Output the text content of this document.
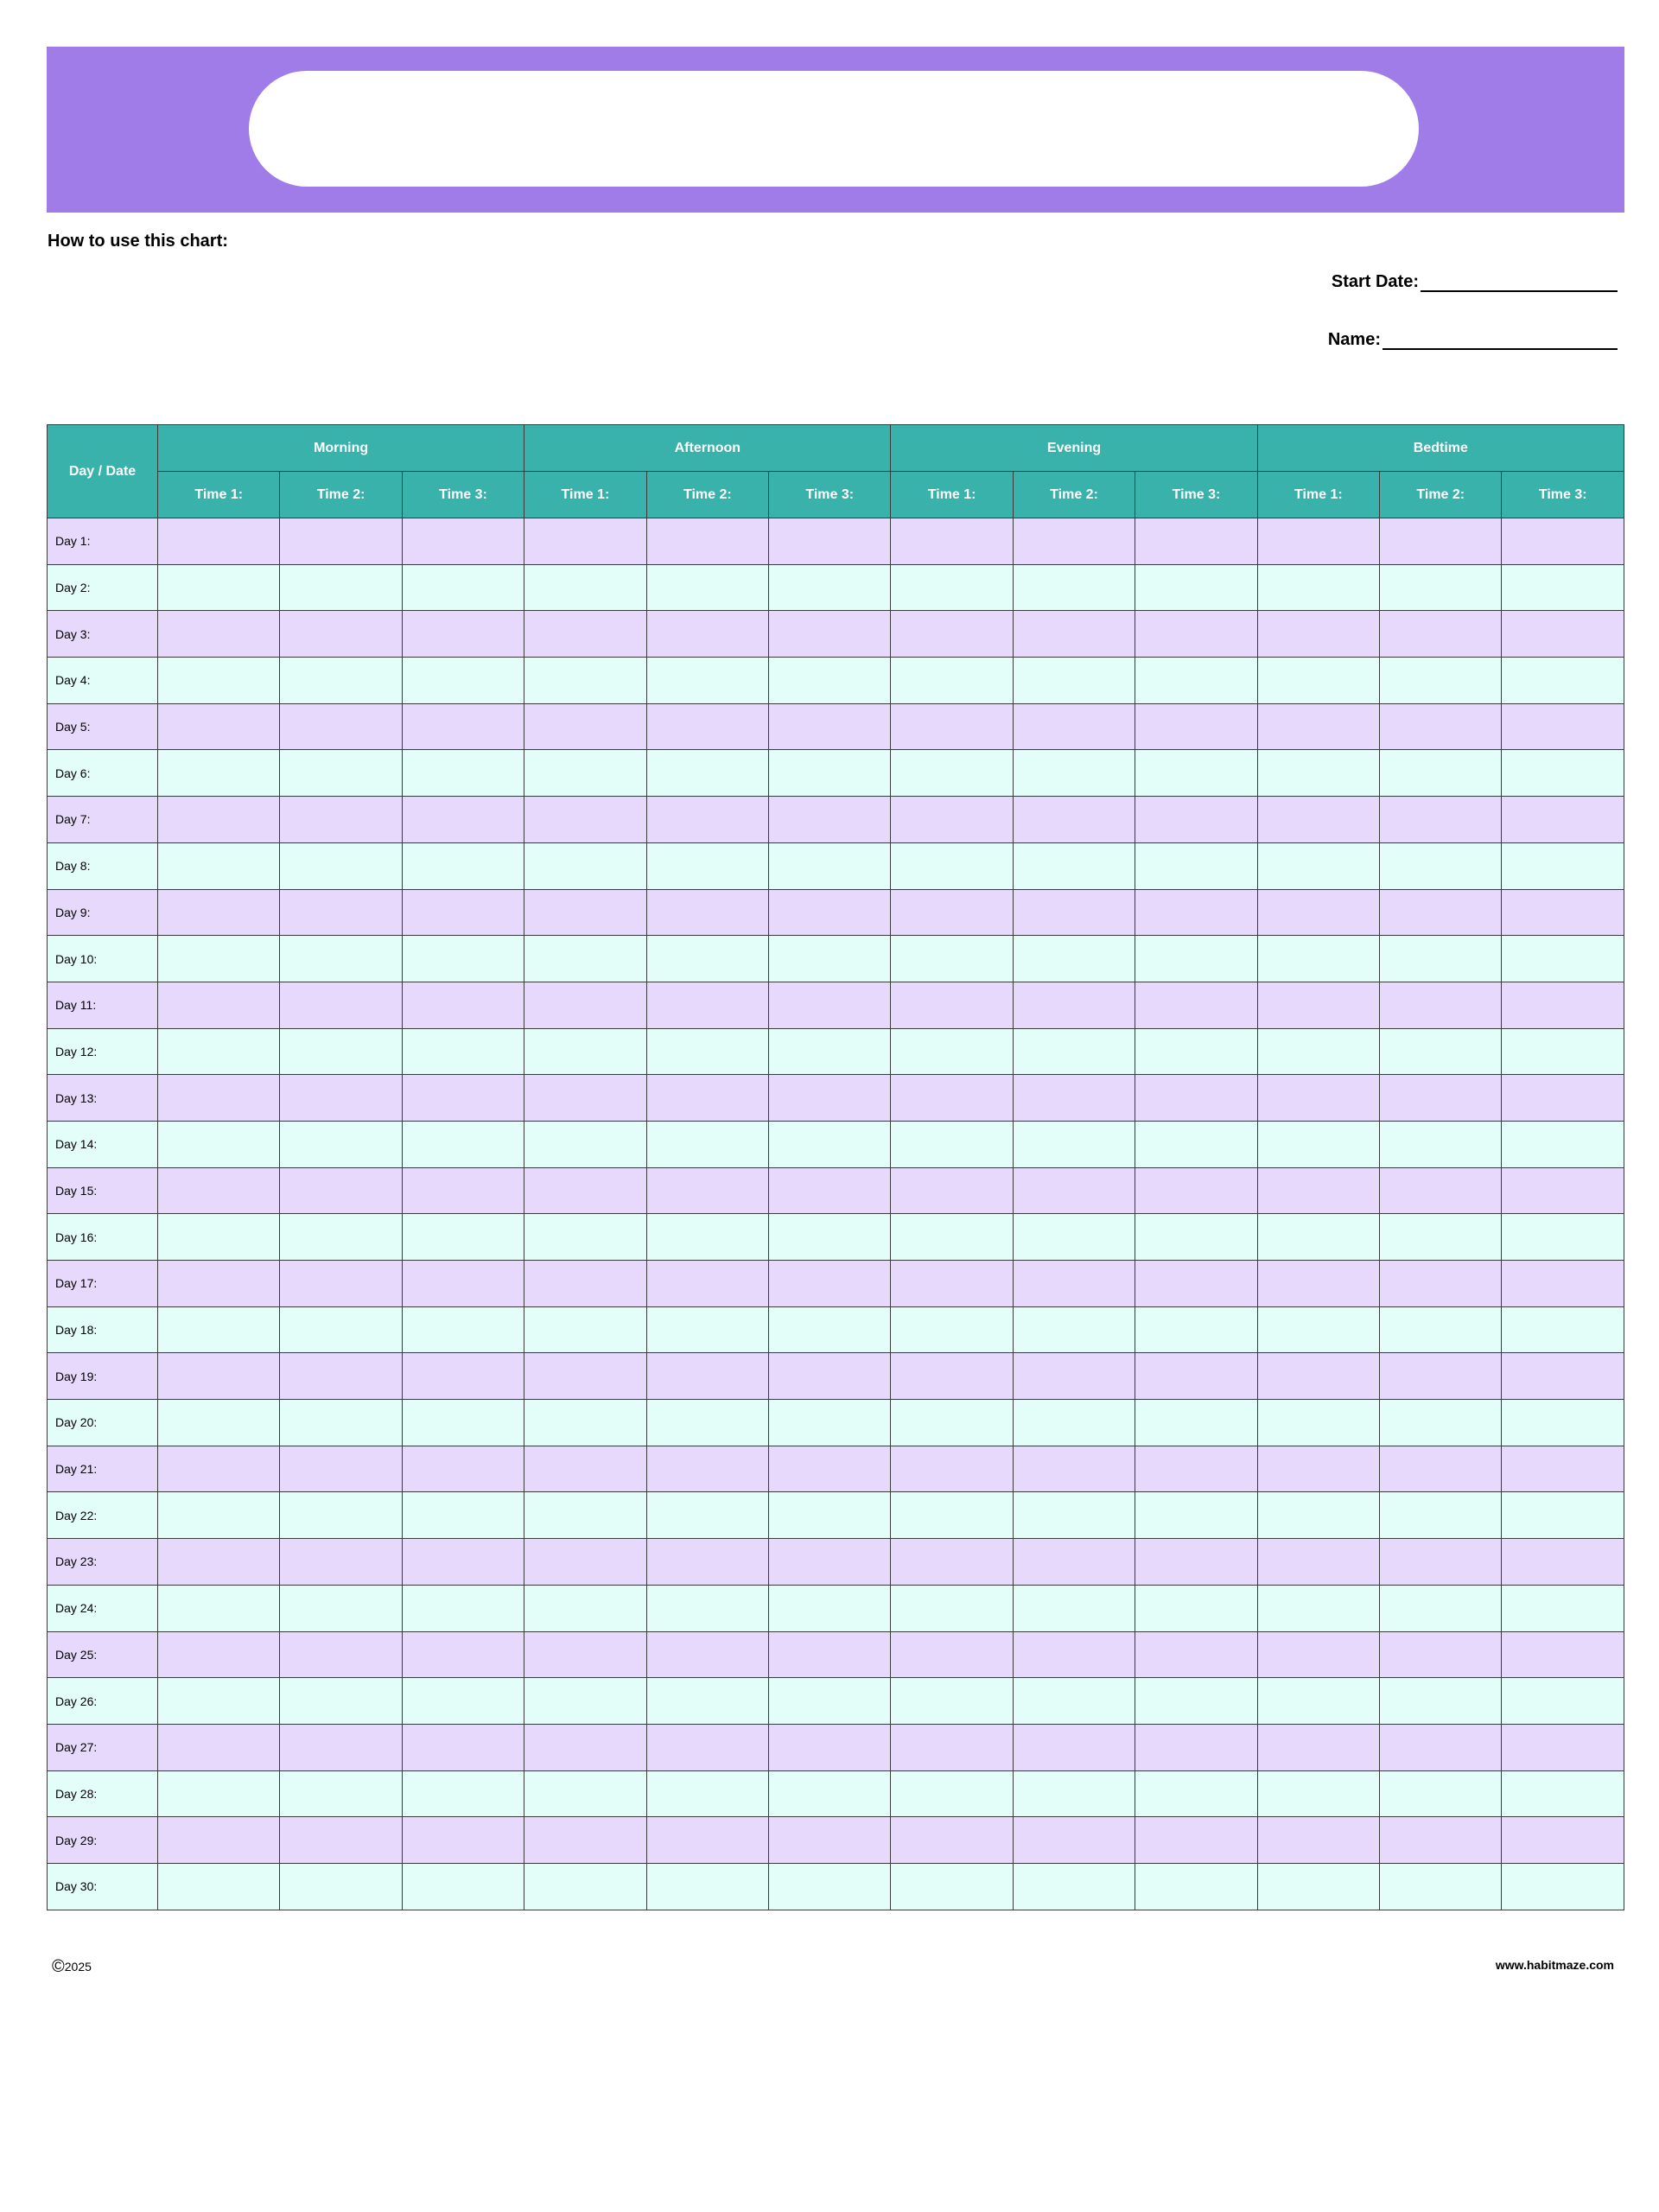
How to use this chart:
Start Date:
Name:
Day / Date	Morning			Afternoon			Evening			Bedtime		
	Time 1:	Time 2:	Time 3:	Time 1:	Time 2:	Time 3:	Time 1:	Time 2:	Time 3:	Time 1:	Time 2:	Time 3:
Day 1:												
Day 2:												
Day 3:												
Day 4:												
Day 5:												
Day 6:												
Day 7:												
Day 8:												
Day 9:												
Day 10:												
Day 11:												
Day 12:												
Day 13:												
Day 14:												
Day 15:												
Day 16:												
Day 17:												
Day 18:												
Day 19:												
Day 20:												
Day 21:												
Day 22:												
Day 23:												
Day 24:												
Day 25:												
Day 26:												
Day 27:												
Day 28:												
Day 29:												
Day 30:												
© 2025	www.habitmaze.com
